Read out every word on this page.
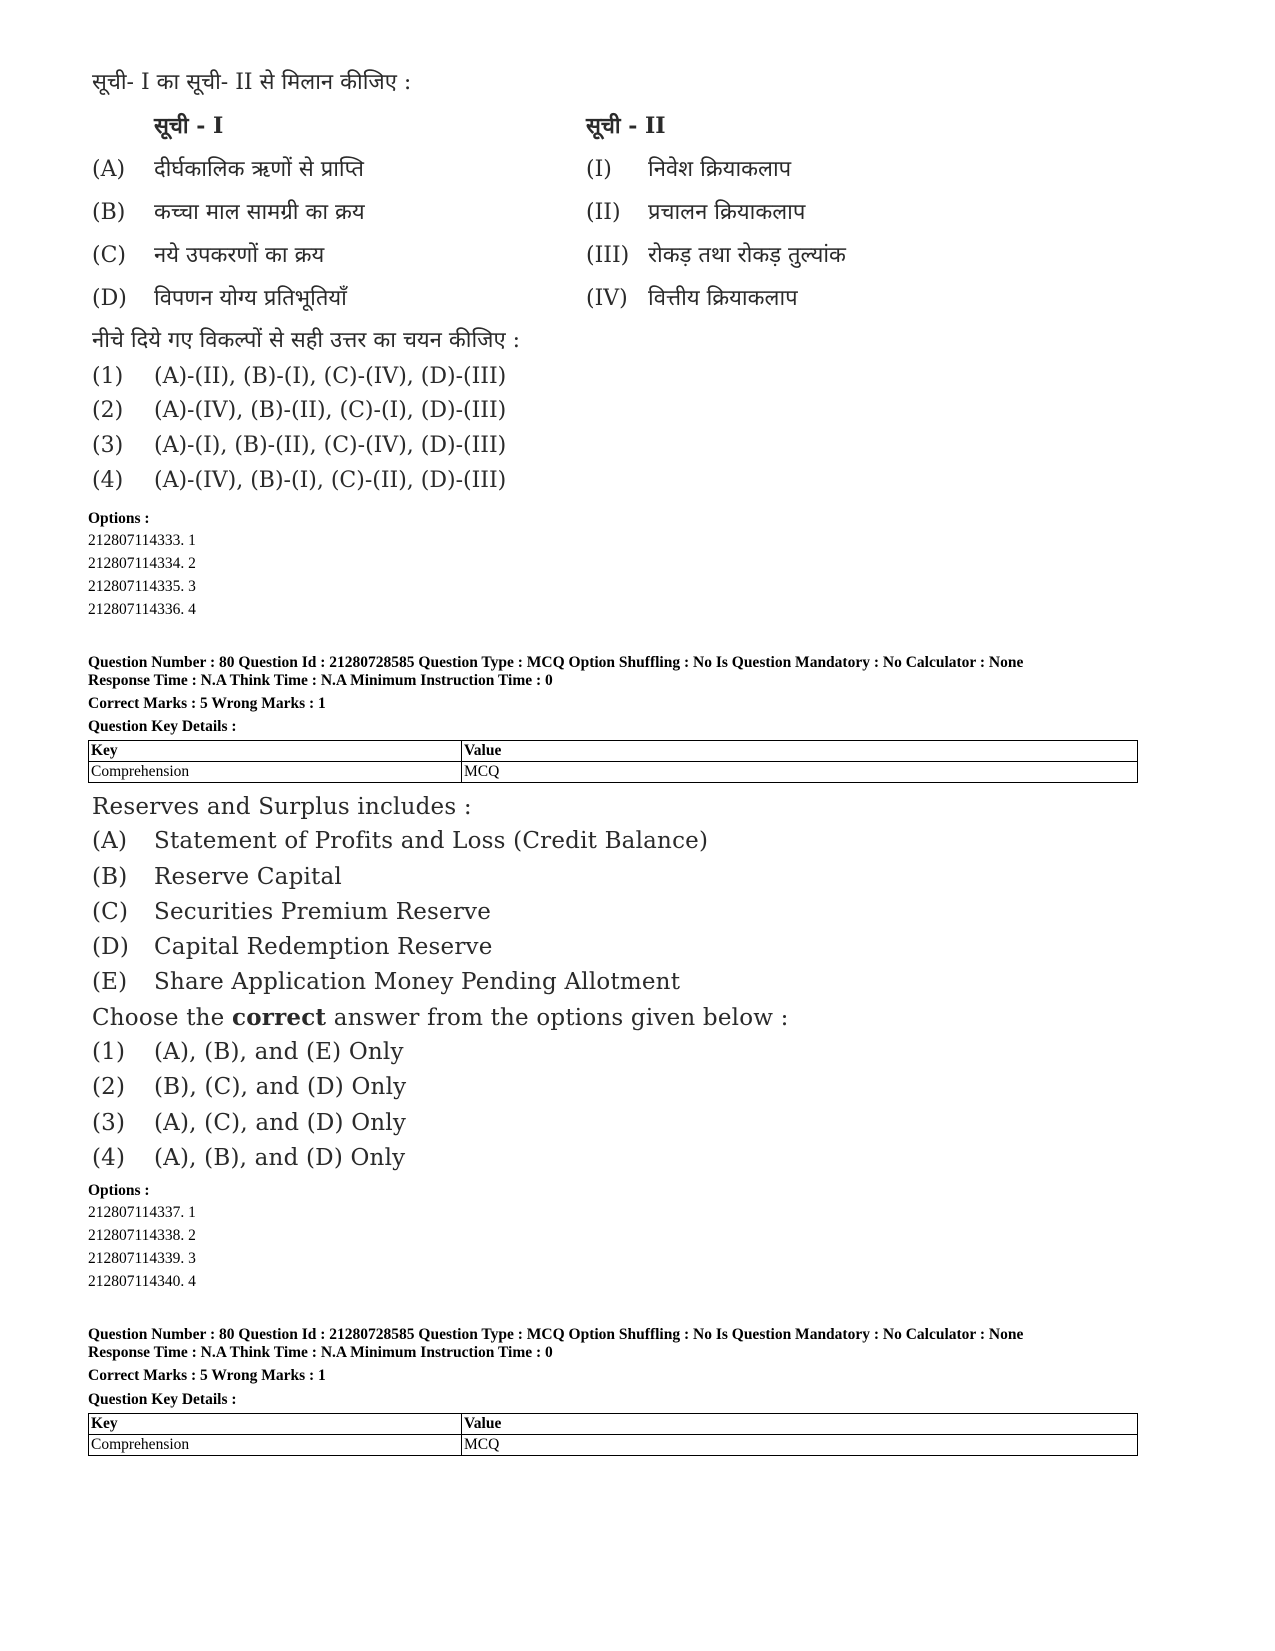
सूची- I का सूची- II से मिलान कीजिए :
सूची - I	सूची - II
(A) दीर्घकालिक ऋणों से प्राप्ति	(I) निवेश क्रियाकलाप
(B) कच्चा माल सामग्री का क्रय	(II) प्रचालन क्रियाकलाप
(C) नये उपकरणों का क्रय	(III) रोकड़ तथा रोकड़ तुल्यांक
(D) विपणन योग्य प्रतिभूतियाँ	(IV) वित्तीय क्रियाकलाप
नीचे दिये गए विकल्पों से सही उत्तर का चयन कीजिए :
(1) (A)-(II), (B)-(I), (C)-(IV), (D)-(III)
(2) (A)-(IV), (B)-(II), (C)-(I), (D)-(III)
(3) (A)-(I), (B)-(II), (C)-(IV), (D)-(III)
(4) (A)-(IV), (B)-(I), (C)-(II), (D)-(III)
Options :
212807114333. 1
212807114334. 2
212807114335. 3
212807114336. 4
Question Number : 80 Question Id : 21280728585 Question Type : MCQ Option Shuffling : No Is Question Mandatory : No Calculator : None
Response Time : N.A Think Time : N.A Minimum Instruction Time : 0
Correct Marks : 5 Wrong Marks : 1
Question Key Details :
Key	Value
Comprehension	MCQ
Reserves and Surplus includes :
(A) Statement of Profits and Loss (Credit Balance)
(B) Reserve Capital
(C) Securities Premium Reserve
(D) Capital Redemption Reserve
(E) Share Application Money Pending Allotment
Choose the correct answer from the options given below :
(1) (A), (B), and (E) Only
(2) (B), (C), and (D) Only
(3) (A), (C), and (D) Only
(4) (A), (B), and (D) Only
Options :
212807114337. 1
212807114338. 2
212807114339. 3
212807114340. 4
Question Number : 80 Question Id : 21280728585 Question Type : MCQ Option Shuffling : No Is Question Mandatory : No Calculator : None
Response Time : N.A Think Time : N.A Minimum Instruction Time : 0
Correct Marks : 5 Wrong Marks : 1
Question Key Details :
Key	Value
Comprehension	MCQ
